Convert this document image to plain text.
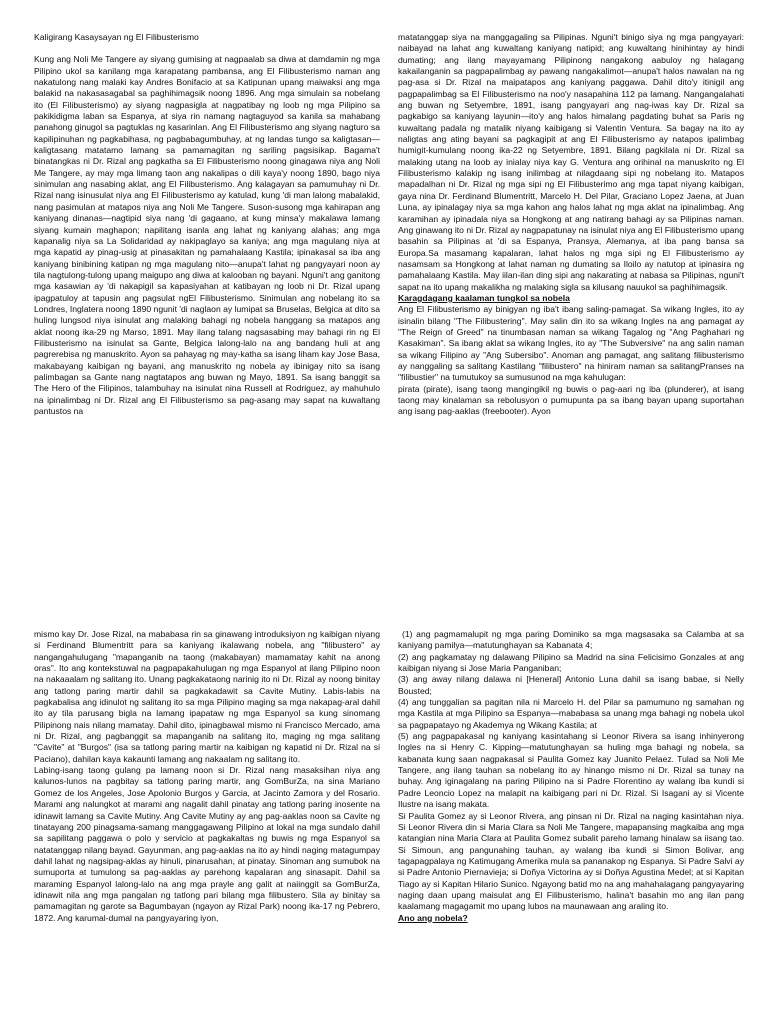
Kaligirang Kasaysayan ng El Filibusterismo

Kung ang Noli Me Tangere ay siyang gumising at nagpaalab sa diwa at damdamin ng mga Pilipino ukol sa kanilang mga karapatang pambansa, ang El Filibusterismo naman ang nakatulong nang malaki kay Andres Bonifacio at sa Katipunan upang maiwaksi ang mga balakid na nakasasagabal sa paghihimagsik noong 1896. Ang mga simulain sa nobelang ito (El Filibusterismo) ay siyang nagpasigla at nagpatibay ng loob ng mga Pilipino sa pakikidigma laban sa Espanya, at siya rin namang nagtaguyod sa kanila sa mahabang panahong ginugol sa pagtuklas ng kasarinlan. Ang El Filibusterismo ang siyang nagturo sa kapilipinuhan ng pagkabihasa, ng pagbabagumbuhay, at ng landas tungo sa kaligtasan—kaligtasang matatamo lamang sa pamamagitan ng sariling pagsisikap. Bagama't binatangkas ni Dr. Rizal ang pagkatha sa El Filibusterismo noong ginagawa niya ang Noli Me Tangere, ay may mga limang taon ang nakalipas o dili kaya'y noong 1890, bago niya sinimulan ang nasabing aklat, ang El Filibusterismo. Ang kalagayan sa pamumuhay ni Dr. Rizal nang isinusulat niya ang El Filibusterismo ay katulad, kung 'di man lalong mabalakid, nang pasimulan at matapos niya ang Noli Me Tangere. Suson-susong mga kahirapan ang kaniyang dinanas—nagtipid siya nang 'di gagaano, at kung minsa'y makalawa lamang siyang kumain maghapon; napilitang isanla ang lahat ng kaniyang alahas; ang mga kapanalig niya sa La Solidaridad ay nakipaglayo sa kaniya; ang mga magulang niya at mga kapatid ay pinag-usig at pinasakitan ng pamahalaang Kastila; ipinakasal sa iba ang kaniyang binibining katipan ng mga magulang nito—anupa't lahat ng pangyayari noon ay tila nagtulong-tulong upang maigupo ang diwa at kalooban ng bayani. Nguni't ang ganitong mga kasawian ay 'di nakapigil sa kapasiyahan at katibayan ng loob ni Dr. Rizal upang ipagpatuloy at tapusin ang pagsulat ngEl Filibusterismo. Sinimulan ang nobelang ito sa Londres, Inglatera noong 1890 ngunit 'di naglaon ay lumipat sa Bruselas, Belgica at dito sa huling lungsod niya isinulat ang malaking bahagi ng nobela hanggang sa matapos ang aklat noong ika-29 ng Marso, 1891. May ilang talang nagsasabing may bahagi rin ng El Filibusterismo na isinulat sa Gante, Belgica lalong-lalo na ang bandang huli at ang pagrerebisa ng manuskrito. Ayon sa pahayag ng may-katha sa isang liham kay Jose Basa, makabayang kaibigan ng bayani, ang manuskrito ng nobela ay ibinigay nito sa isang palimbagan sa Gante nang nagtatapos ang buwan ng Mayo, 1891. Sa isang banggit sa The Hero of the Filipinos, talambuhay na isinulat nina Russell at Rodriguez, ay mahuhulo na ipinalimbag ni Dr. Rizal ang El Filibusterismo sa pag-asang may sapat na kuwaltang pantustos na

matatanggap siya na manggagaling sa Pilipinas. Nguni't binigo siya ng mga pangyayari: naibayad na lahat ang kuwaltang kaniyang natipid; ang kuwaltang hinihintay ay hindi dumating; ang ilang mayayamang Pilipinong nangakong aabuloy ng halagang kakailanganin sa pagpapalimbag ay pawang nangakalimot—anupa't halos nawalan na ng pag-asa si Dr. Rizal na maipatapos ang kaniyang paggawa. Dahil dito'y itinigil ang pagpapalimbag sa El Filibusterismo na noo'y nasapahina 112 pa lamang. Nangangalahati ang buwan ng Setyembre, 1891, isang pangyayari ang nag-iwas kay Dr. Rizal sa pagkabigo sa kaniyang layunin—ito'y ang halos himalang pagdating buhat sa Paris ng kuwaltang padala ng matalik niyang kaibigang si Valentin Ventura. Sa bagay na ito ay naligtas ang ating bayani sa pagkagipit at ang El Filibusterismo ay natapos ipalimbag humigit-kumulang noong ika-22 ng Setyembre, 1891. Bilang pagkilala ni Dr. Rizal sa malaking utang na loob ay inialay niya kay G. Ventura ang orihinal na manuskrito ng El Filibusterismo kalakip ng isang inilimbag at nilagdaang sipi ng nobelang ito. Matapos mapadalhan ni Dr. Rizal ng mga sipi ng El Filibusterimo ang mga tapat niyang kaibigan, gaya nina Dr. Ferdinand Blumentritt, Marcelo H. Del Pilar, Graciano Lopez Jaena, at Juan Luna, ay ipinalagay niya sa mga kahon ang halos lahat ng mga aklat na ipinalimbag. Ang karamihan ay ipinadala niya sa Hongkong at ang natirang bahagi ay sa Pilipinas naman. Ang ginawang ito ni Dr. Rizal ay nagpapatunay na isinulat niya ang El Filibusterismo upang basahin sa Pilipinas at 'di sa Espanya, Pransya, Alemanya, at iba pang bansa sa Europa.Sa masamang kapalaran, lahat halos ng mga sipi ng El Filibusterismo ay nasamsam sa Hongkong at lahat naman ng dumating sa Iloilo ay natutop at ipinasira ng pamahalaang Kastila. May iilan-ilan ding sipi ang nakarating at nabasa sa Pilipinas, nguni't sapat na ito upang makalikha ng malaking sigla sa kilusang nauukol sa paghihimagsik.

Karagdagang kaalaman tungkol sa nobela

Ang El Filibusterismo ay binigyan ng iba't ibang saling-pamagat. Sa wikang Ingles, ito ay isinalin bilang "The Filibustering". May salin din ito sa wikang Ingles na ang pamagat ay "The Reign of Greed" na tinumbasan naman sa wikang Tagalog ng "Ang Paghahari ng Kasakiman". Sa ibang aklat sa wikang Ingles, ito ay "The Subversive" na ang salin naman sa wikang Filipino ay "Ang Subersibo". Anoman ang pamagat, ang salitang filibusterismo ay nanggaling sa salitang Kastilang "filibustero" na hiniram naman sa salitangPranses na "filibustier" na tumutukoy sa sumusunod na mga kahulugan:

pirata (pirate), isang taong mangingikil ng buwis o pag-aari ng iba (plunderer), at isang taong may kinalaman sa rebolusyon o pumupunta pa sa ibang bayan upang suportahan ang isang pag-aaklas (freebooter). Ayon

mismo kay Dr. Jose Rizal, na mababasa rin sa ginawang introduksiyon ng kaibigan niyang si Ferdinand Blumentritt para sa kaniyang ikalawang nobela, ang "filibustero" ay nangangahulugang "mapanganib na taong (makabayan) mamamatay kahit na anong oras". Ito ang kontekstuwal na pagpapakahulugan ng mga Espanyol at ilang Pilipino noon na nakaaalam ng salitang ito. Unang pagkakataong narinig ito ni Dr. Rizal ay noong binitay ang tatlong paring martir dahil sa pagkakadawit sa Cavite Mutiny. Labis-labis na pagkabalisa ang idinulot ng salitang ito sa mga Pilipino maging sa mga nakapag-aral dahil ito ay tila parusang bigla na lamang ipapataw ng mga Espanyol sa kung sinomang Pilipinong nais nilang mamatay. Dahil dito, ipinagbawal mismo ni Francisco Mercado, ama ni Dr. Rizal, ang pagbanggit sa mapanganib na salitang ito, maging ng mga salitang "Cavite" at "Burgos" (isa sa tatlong paring martir na kaibigan ng kapatid ni Dr. Rizal na si Paciano), dahilan kaya kakaunti lamang ang nakaalam ng salitang ito.

Labing-isang taong gulang pa lamang noon si Dr. Rizal nang masaksihan niya ang kalunos-lunos na pagbitay sa tatlong paring martir, ang GomBurZa, na sina Mariano Gomez de los Angeles, Jose Apolonio Burgos y Garcia, at Jacinto Zamora y del Rosario. Marami ang nalungkot at marami ang nagalit dahil pinatay ang tatlong paring inosente na idinawit lamang sa Cavite Mutiny. Ang Cavite Mutiny ay ang pag-aaklas noon sa Cavite ng tinatayang 200 pinagsama-samang manggagawang Pilipino at lokal na mga sundalo dahil sa sapilitang paggawa o polo y servicio at pagkakaltas ng buwis ng mga Espanyol sa natatanggap nilang bayad. Gayunman, ang pag-aaklas na ito ay hindi naging matagumpay dahil lahat ng nagsipag-aklas ay hinuli, pinarusahan, at pinatay. Sinoman ang sumubok na sumuporta at tumulong sa pag-aaklas ay parehong kapalaran ang sinasapit. Dahil sa maraming Espanyol lalong-lalo na ang mga prayle ang galit at naiinggit sa GomBurZa, idinawit nila ang mga pangalan ng tatlong pari bilang mga filibustero. Sila ay binitay sa pamamagitan ng garote sa Bagumbayan (ngayon ay Rizal Park) noong ika-17 ng Pebrero, 1872. Ang karumal-dumal na pangyayaring iyon,

(1) ang pagmamalupit ng mga paring Dominiko sa mga magsasaka sa Calamba at sa kaniyang pamilya—matutunghayan sa Kabanata 4;

(2) ang pagkamatay ng dalawang Pilipino sa Madrid na sina Felicisimo Gonzales at ang kaibigan niyang si Jose Maria Panganiban;

(3) ang away nilang dalawa ni [Heneral] Antonio Luna dahil sa isang babae, si Nelly Bousted;

(4) ang tunggalian sa pagitan nila ni Marcelo H. del Pilar sa pamumuno ng samahan ng mga Kastila at mga Pilipino sa Espanya—mababasa sa unang mga bahagi ng nobela ukol sa pagpapatayo ng Akademya ng Wikang Kastila; at

(5) ang pagpapakasal ng kaniyang kasintahang si Leonor Rivera sa isang inhinyerong Ingles na si Henry C. Kipping—matutunghayan sa huling mga bahagi ng nobela, sa kabanata kung saan nagpakasal si Paulita Gomez kay Juanito Pelaez. Tulad sa Noli Me Tangere, ang ilang tauhan sa nobelang ito ay hinango mismo ni Dr. Rizal sa tunay na buhay. Ang iginagalang na paring Pilipino na si Padre Florentino ay walang iba kundi si Padre Leoncio Lopez na malapit na kaibigang pari ni Dr. Rizal. Si Isagani ay si Vicente Ilustre na isang makata.

Si Paulita Gomez ay si Leonor Rivera, ang pinsan ni Dr. Rizal na naging kasintahan niya. Si Leonor Rivera din si Maria Clara sa Noli Me Tangere, mapapansing magkaiba ang mga katangian nina Maria Clara at Paulita Gomez subalit pareho lamang hinalaw sa iisang tao. Si Simoun, ang pangunahing tauhan, ay walang iba kundi si Simon Bolivar, ang tagapagpalaya ng Katimugang Amerika mula sa pananakop ng Espanya. Si Padre Salvi ay si Padre Antonio Piernavieja; si Doñya Victorina ay si Doñya Agustina Medel; at si Kapitan Tiago ay si Kapitan Hilario Sunico. Ngayong batid mo na ang mahahalagang pangyayaring naging daan upang maisulat ang El Filibusterismo, halina't basahin mo ang ilan pang kaalamang magagamit mo upang lubos na maunawaan ang araling ito.

Ano ang nobela?
